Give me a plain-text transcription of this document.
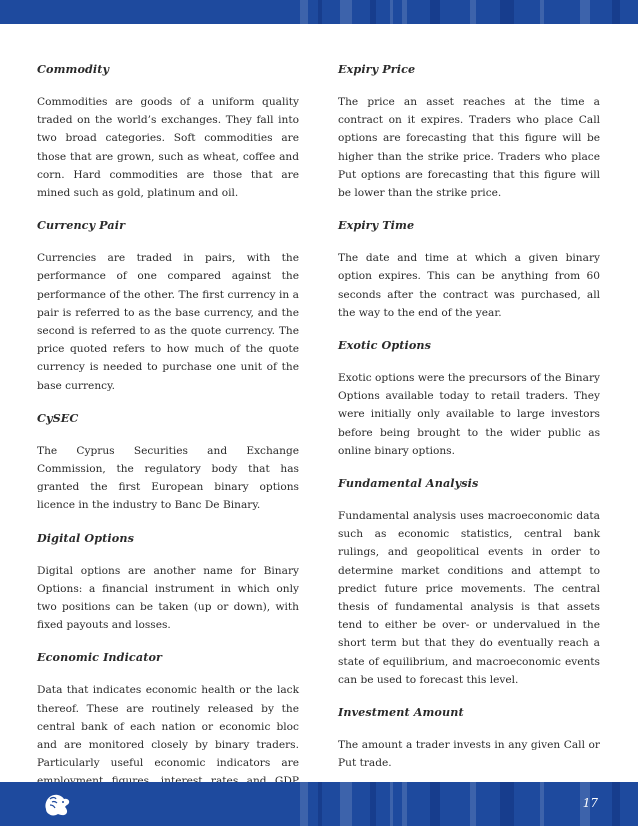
Commodity
Commodities are goods of a uniform quality traded on the world’s exchanges. They fall into two broad categories. Soft commodities are those that are grown, such as wheat, coffee and corn. Hard commodities are those that are mined such as gold, platinum and oil.
Currency Pair
Currencies are traded in pairs, with the performance of one compared against the performance of the other. The first currency in a pair is referred to as the base currency, and the second is referred to as the quote currency. The price quoted refers to how much of the quote currency is needed to purchase one unit of the base currency.
CySEC
The Cyprus Securities and Exchange Commission, the regulatory body that has granted the first European binary options licence in the industry to Banc De Binary.
Digital Options
Digital options are another name for Binary Options: a financial instrument in which only two positions can be taken (up or down), with fixed payouts and losses.
Economic Indicator
Data that indicates economic health or the lack thereof. These are routinely released by the central bank of each nation or economic bloc and are monitored closely by binary traders. Particularly useful economic indicators are
Expiry Price
The price an asset reaches at the time a contract on it expires. Traders who place Call options are forecasting that this figure will be higher than the strike price. Traders who place Put options are forecasting that this figure will be lower than the strike price.
Expiry Time
The date and time at which a given binary option expires. This can be anything from 60 seconds after the contract was purchased, all the way to the end of the year.
Exotic Options
Exotic options were the precursors of the Binary Options available today to retail traders. They were initially only available to large investors before being brought to the wider public as online binary options.
Fundamental Analysis
Fundamental analysis uses macroeconomic data such as economic statistics, central bank rulings, and geopolitical events in order to determine market conditions and attempt to predict future price movements. The central thesis of fundamental analysis is that assets tend to either be over- or undervalued in the short term but that they do eventually reach a state of equilibrium, and macroeconomic events can be used to forecast this level.
Investment Amount
The amount a trader invests in any given Call or Put trade.
17
